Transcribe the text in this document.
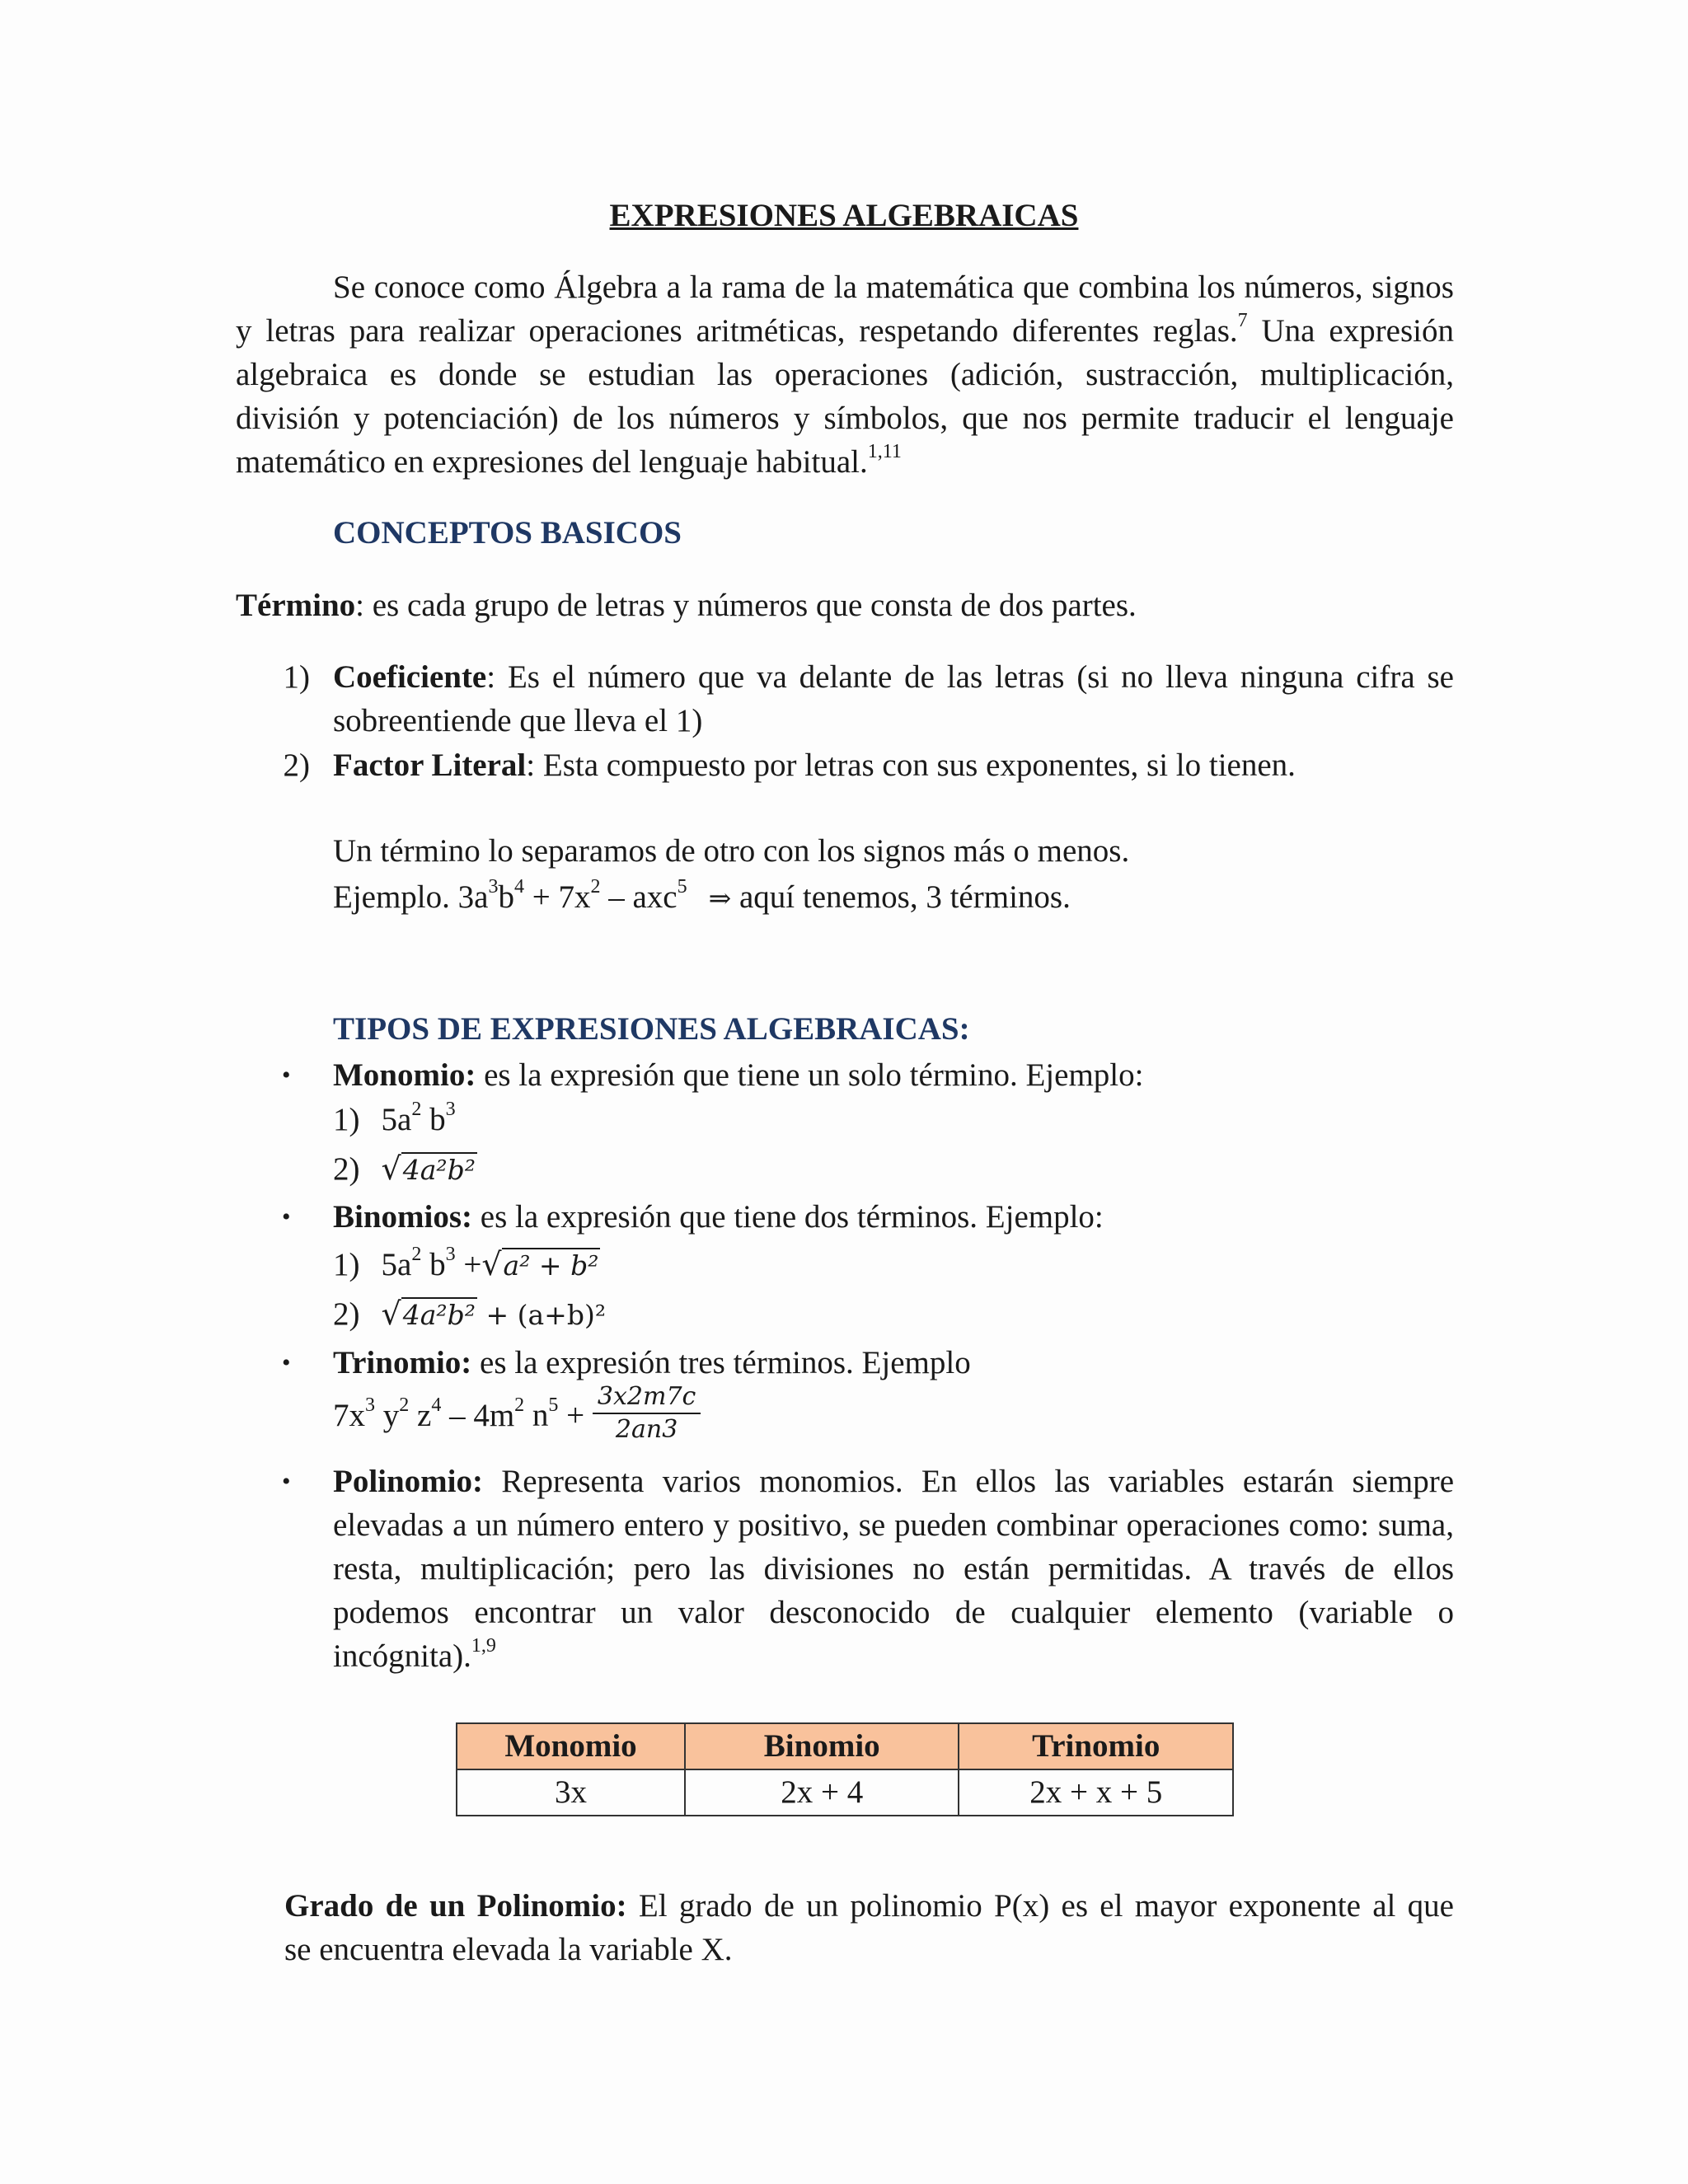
EXPRESIONES ALGEBRAICAS
Se conoce como Álgebra a la rama de la matemática que combina los números, signos
y letras para realizar operaciones aritméticas, respetando diferentes reglas.$^7$ Una expresión
algebraica es donde se estudian las operaciones (adición, sustracción, multiplicación,
división y potenciación) de los números y símbolos, que nos permite traducir el lenguaje
matemático en expresiones del lenguaje habitual.$^{1,11}$
CONCEPTOS BASICOS
Término: es cada grupo de letras y números que consta de dos partes.
1) Coeficiente: Es el número que va delante de las letras (si no lleva ninguna cifra se
sobreentiende que lleva el 1)
2) Factor Literal: Esta compuesto por letras con sus exponentes, si lo tienen.
Un término lo separamos de otro con los signos más o menos.
Ejemplo. $3a^3b^4 + 7x^2 - axc^5$ ⇒ aquí tenemos, 3 términos.
TIPOS DE EXPRESIONES ALGEBRAICAS:
• Monomio: es la expresión que tiene un solo término. Ejemplo:
1) $5a^2$ $b^3$
2) √4a²b²
• Binomios: es la expresión que tiene dos términos. Ejemplo:
1) $5a^2$ $b^3 +√a^2 + b^2$
2) √4a²b² + (a+b)²
• Trinomio: es la expresión tres términos. Ejemplo
$7x^3$ $y^2$ $z^4 - 4m^2$ $n^5 + \frac{3x2m7c}{2an3}$
• Polinomio: Representa varios monomios. En ellos las variables estarán siempre
elevadas a un número entero y positivo, se pueden combinar operaciones como: suma,
resta, multiplicación; pero las divisiones no están permitidas. A través de ellos
podemos encontrar un valor desconocido de cualquier elemento (variable o
incógnita).$^{1,9}$
Monomio	Binomio	Trinomio
3x	2x + 4	2x + x + 5
Grado de un Polinomio: El grado de un polinomio P(x) es el mayor exponente al que
se encuentra elevada la variable X.
